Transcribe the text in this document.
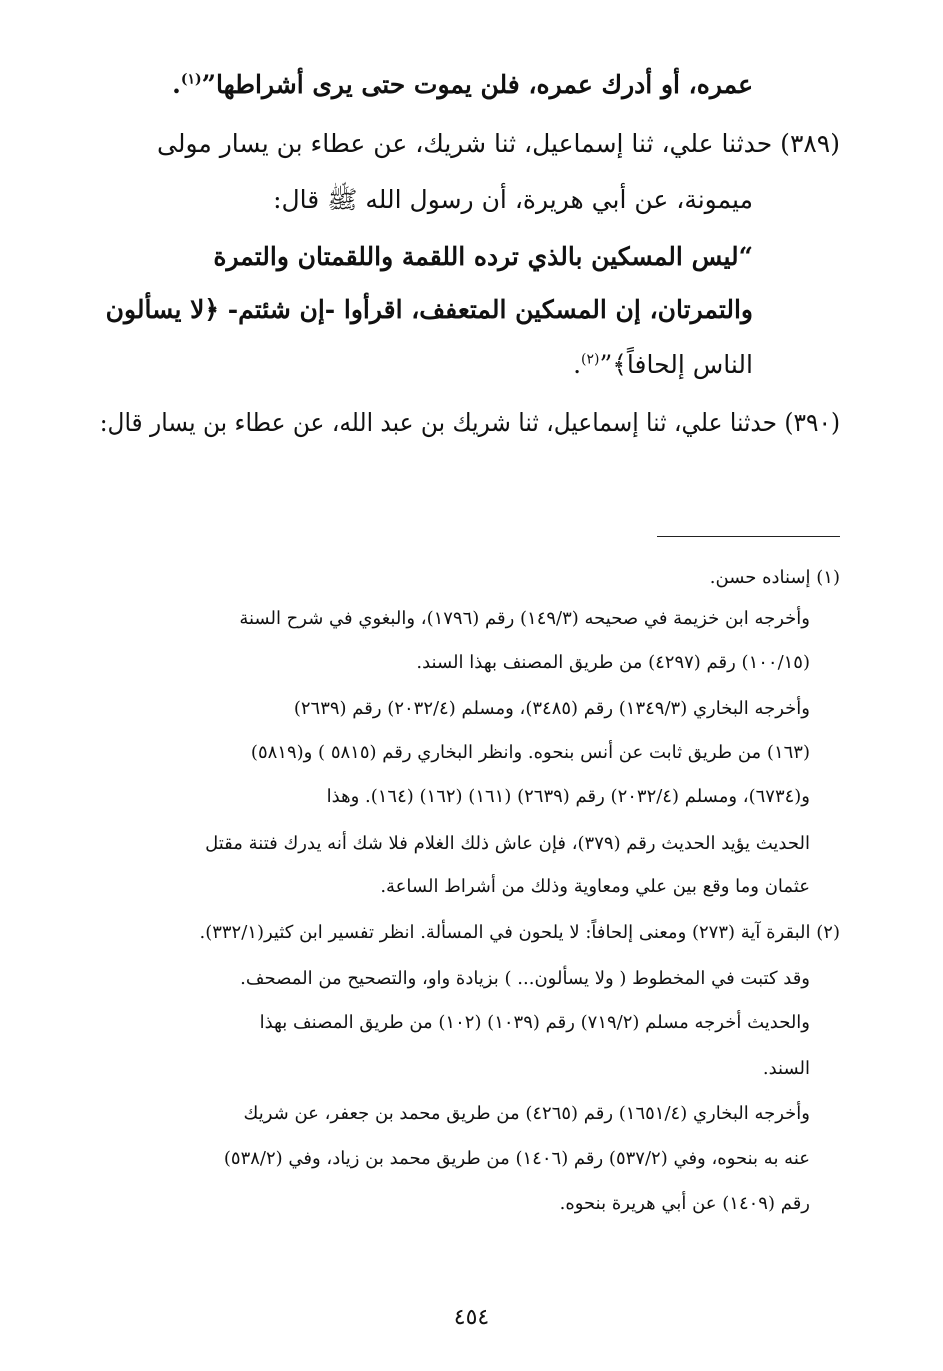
عمره، أو أدرك عمره، فلن يموت حتى يرى أشراطها”$^{(١)}$.
(٣٨٩) حدثنا علي، ثنا إسماعيل، ثنا شريك، عن عطاء بن يسار مولى
ميمونة، عن أبي هريرة، أن رسول الله ﷺ قال:
“ليس المسكين بالذي ترده اللقمة واللقمتان والتمرة
والتمرتان، إن المسكين المتعفف، اقرأوا -إن شئتم- ﴿لا يسألون
الناس إلحافاً﴾”$^{(٢)}$.
(٣٩٠) حدثنا علي، ثنا إسماعيل، ثنا شريك بن عبد الله، عن عطاء بن يسار قال:
(١) إسناده حسن.
وأخرجه ابن خزيمة في صحيحه (١٤٩/٣) رقم (١٧٩٦)، والبغوي في شرح السنة
(١٠٠/١٥) رقم (٤٢٩٧) من طريق المصنف بهذا السند.
وأخرجه البخاري (١٣٤٩/٣) رقم (٣٤٨٥)، ومسلم (٢٠٣٢/٤) رقم (٢٦٣٩)
(١٦٣) من طريق ثابت عن أنس بنحوه. وانظر البخاري رقم (٥٨١٥ ) و(٥٨١٩)
و(٦٧٣٤)، ومسلم (٢٠٣٢/٤) رقم (٢٦٣٩) (١٦١) (١٦٢) (١٦٤). وهذا
الحديث يؤيد الحديث رقم (٣٧٩)، فإن عاش ذلك الغلام فلا شك أنه يدرك فتنة مقتل
عثمان وما وقع بين علي ومعاوية وذلك من أشراط الساعة.
(٢) البقرة آية (٢٧٣) ومعنى إلحافاً: لا يلحون في المسألة. انظر تفسير ابن كثير(٣٣٢/١).
وقد كتبت في المخطوط ( ولا يسألون... ) بزيادة واو، والتصحيح من المصحف.
والحديث أخرجه مسلم (٧١٩/٢) رقم (١٠٣٩) (١٠٢) من طريق المصنف بهذا
السند.
وأخرجه البخاري (١٦٥١/٤) رقم (٤٢٦٥) من طريق محمد بن جعفر، عن شريك
عنه به بنحوه، وفي (٥٣٧/٢) رقم (١٤٠٦) من طريق محمد بن زياد، وفي (٥٣٨/٢)
رقم (١٤٠٩) عن أبي هريرة بنحوه.
٤٥٤
